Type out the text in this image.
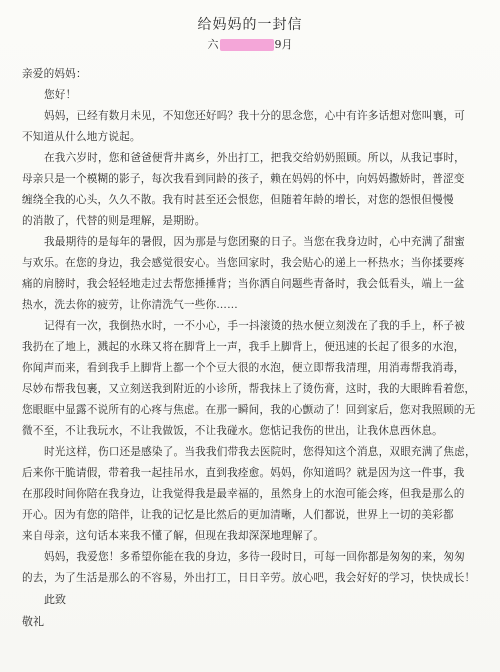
给妈妈的一封信
六	9月
亲爱的妈妈：
您好！
妈妈，已经有数月未见，不知您还好吗？我十分的思念您，心中有许多话想对您叫襄，可
不知道从什么地方说起。
在我六岁时，您和爸爸便背井离乡，外出打工，把我交给奶奶照顾。所以，从我记事时，
母亲只是一个模糊的影子，每次我看到同龄的孩子，赖在妈妈的怀中，向妈妈撒娇时，普涩变
缠绕全我的心头，久久不散。我有时甚至还会恨您，但随着年龄的增长，对您的怨恨但慢慢
的消散了，代替的则是理解，是期盼。
我最期待的是每年的暑假，因为那是与您团聚的日子。当您在我身边时，心中充满了甜蜜
与欢乐。在您的身边，我会感觉很安心。当您回家时，我会贴心的递上一杯热水；当你揉要疼
痛的肩膀时，我会轻轻地走过去帮您捶捶背；当你洒自问题些青备时，我会低看头，端上一盆
热水，洗去你的疲劳，让你清洗气一些你……
记得有一次，我倒热水时，一不小心，手一抖滚烫的热水便立刻泼在了我的手上，杯子被
我扔在了地上，溅起的水珠又将在脚背上一声，我手上脚背上，便迅速的长起了很多的水泡，
你闻声而来，看到我手上脚背上都一个个豆大很的水泡，便立即帮我清理，用消毒帮我消毒，
尽妙布帮我包裹，又立刻送我到附近的小诊所，帮我抹上了烫伤膏，这时，我的大眼眸看着您，
您眼眶中显露不说所有的心疼与焦虑。在那一瞬间，我的心颤动了！回到家后，您对我照顾的无
微不至，不让我玩水，不让我做饭，不让我碰水。您惦记我伤的世出，让我休息西休息。
时光这样，伤口还是感染了。当我我们带我去医院时，您得知这个消息，双眼充满了焦虑，
后来你干脆请假，带着我一起挂吊水，直到我痊愈。妈妈，你知道吗？就是因为这一件事，我
在那段时间你陪在我身边，让我觉得我是最幸福的，虽然身上的水泡可能会疼，但我是那么的
开心。因为有您的陪伴，让我的记忆是比然后的更加清晰，人们都说，世界上一切的美彩都
来自母亲，这句话本来我不懂了解，但现在我却深深地理解了。
妈妈，我爱您！多希望你能在我的身边，多待一段时日，可每一回你都是匆匆的来，匆匆
的去，为了生活是那么的不容易，外出打工，日日辛劳。放心吧，我会好好的学习，快快成长！
此致
敬礼
